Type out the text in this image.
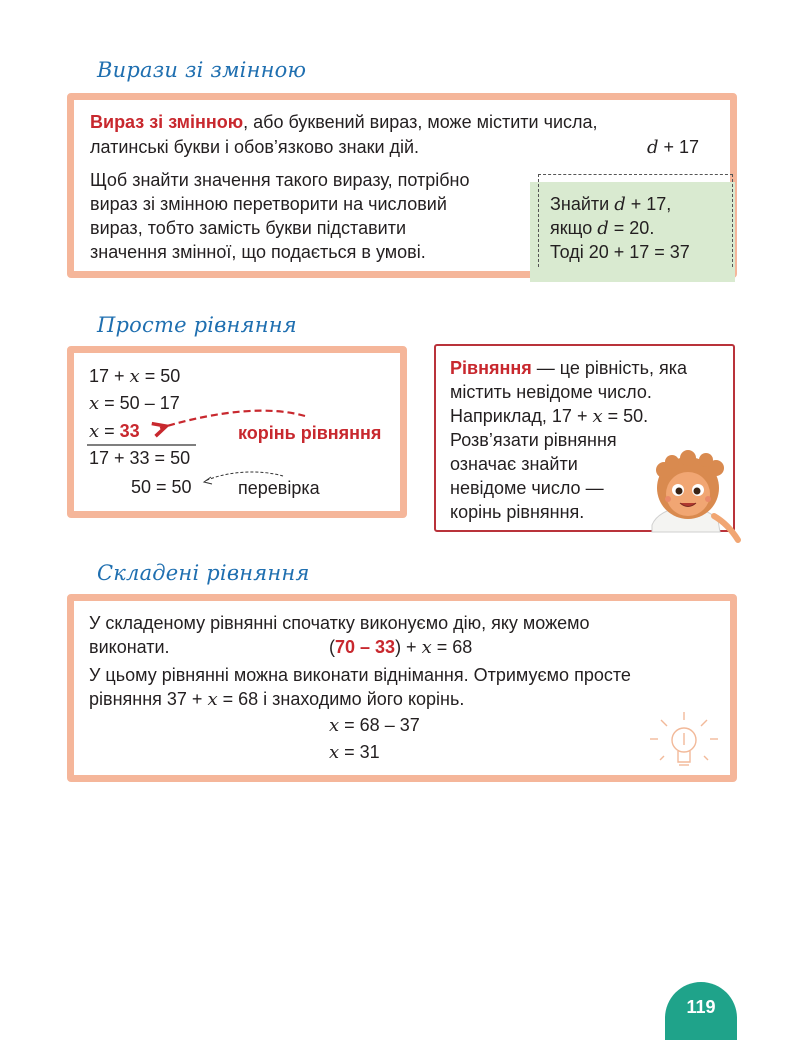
Вирази зі змінною
Вираз зі змінною, або буквений вираз, може містити числа,
латинські букви і обов’язково знаки дій.	d + 17
Щоб знайти значення такого виразу, потрібно
вираз зі змінною перетворити на числовий
вираз, тобто замість букви підставити
значення змінної, що подається в умові.
Знайти d + 17,
якщо d = 20.
Тоді 20 + 17 = 37
Просте рівняння
17 + x = 50
x = 50 – 17
x = 33	корінь рівняння
17 + 33 = 50
50 = 50	перевірка
Рівняння — це рівність, яка
містить невідоме число.
Наприклад, 17 + x = 50.
Розв’язати рівняння
означає знайти
невідоме число —
корінь рівняння.
Складені рівняння
У складеному рівнянні спочатку виконуємо дію, яку можемо
виконати.	(70 – 33) + x = 68
У цьому рівнянні можна виконати віднімання. Отримуємо просте
рівняння 37 + x = 68 і знаходимо його корінь.
x = 68 – 37
x = 31
119
